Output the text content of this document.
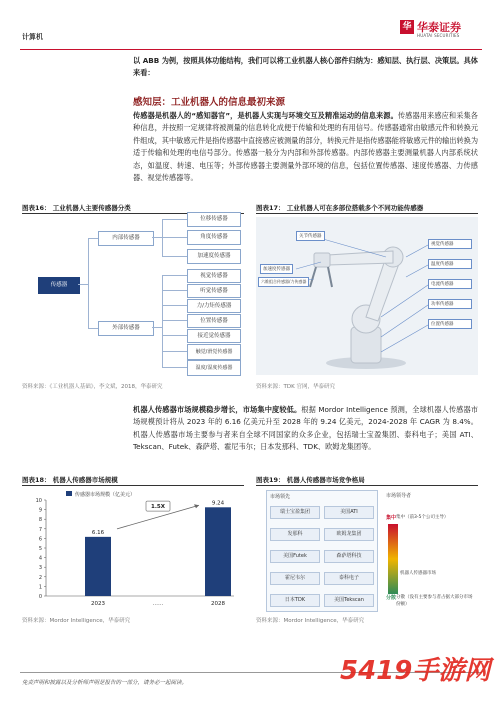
计算机
华 华泰证券
HUATAI SECURITIES
以 ABB 为例，按照具体功能结构，我们可以将工业机器人核心部件归纳为：感知层、执行层、决策层。具体来看：
感知层：工业机器人的信息最初来源
传感器是机器人的“感知器官”，是机器人实现与环境交互及精准运动的信息来源。传感器用来感应和采集各种信息，并按照一定规律将被测量的信息转化成便于传输和处理的有用信号。传感器通常由敏感元件和转换元件组成，其中敏感元件是指传感器中直接感应被测量的部分，转换元件是指传感器能将敏感元件的输出转换为适于传输和处理的电信号部分。传感器一般分为内部和外部传感器。内部传感器主要测量机器人内部系统状态，如温度、转速、电压等；外部传感器主要测量外部环境的信息，包括位置传感器、速度传感器、力传感器、视觉传感器等。
图表16： 工业机器人主要传感器分类
传感器
内部传感器
外部传感器
位移传感器
角度传感器
加速度传感器
视觉传感器
听觉传感器
力/力矩传感器
位置传感器
接近觉传感器
触觉/滑觉传感器
温度/湿度传感器
资料来源：《工业机器人基础》，李文斌，2018，华泰研究
图表17： 工业机器人可在多部位搭载多个不同功能传感器
关节传感器
加速度传感器
六维组合传感器/力传感器
视觉传感器
温度传感器
电流传感器
功率传感器
位置传感器
资料来源：TDK 官网，华泰研究
机器人传感器市场规模稳步增长，市场集中度较低。根据 Mordor Intelligence 预测，全球机器人传感器市场规模预计将从 2023 年的 6.16 亿美元升至 2028 年的 9.24 亿美元，2024-2028 年 CAGR 为 8.4%。机器人传感器市场主要参与者来自全球不同国家的众多企业，包括瑞士宝盈集团、泰科电子；美国 ATI、Tekscan、Futek、森萨塔、霍尼韦尔；日本发那科、TDK、欧姆龙集团等。
图表18： 机器人传感器市场规模
0
1
2
3
4
5
6
7
8
9
10
传感器市场规模（亿美元）
6.16
2023
9.24
2028
……
1.5X
资料来源：Mordor Intelligence，华泰研究
图表19： 机器人传感器市场竞争格局
市场领先
瑞士宝盈集团	美国ATI
发那科	欧姆龙集团
美国Futek	森萨塔科技
霍尼韦尔	泰科电子
日本TDK	美国Tekscan
市场领导者
集中 集中（前3-5个公司主导）
机器人传感器市场
分散 分散（没有主要参与者占据大部分市场份额）
资料来源：Mordor Intelligence，华泰研究
免责声明和披露以及分析师声明是报告的一部分，请务必一起阅读。	5419手游网
